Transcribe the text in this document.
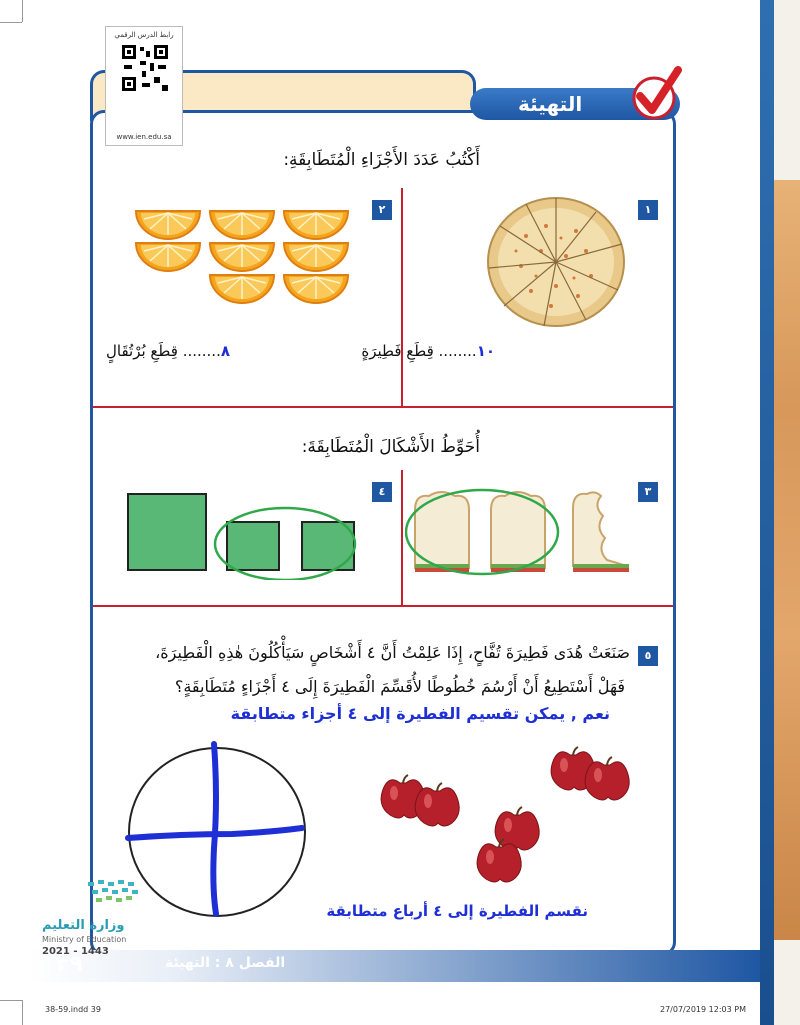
رابط الدرس الرقمي
www.ien.edu.sa
التهيئة
أَكْتُبُ عَدَدَ الأَجْزَاءِ الْمُتَطَابِقَةِ:
١
٢
١٠........ قِطَعِ فَطِيرَةٍ
٨........ قِطَعِ بُرْتُقَالٍ
أُحَوِّطُ الأَشْكَالَ الْمُتَطَابِقَةَ:
٣
٤
٥
صَنَعَتْ هُدَى فَطِيرَةَ تُفَّاحٍ، إِذَا عَلِمْتُ أَنَّ ٤ أَشْخَاصٍ سَيَأْكُلُونَ هٰذِهِ الْفَطِيرَةَ،
فَهَلْ أَسْتَطِيعُ أَنْ أَرْسُمَ خُطُوطًا لأُقَسِّمَ الْفَطِيرَةَ إِلَى ٤ أَجْزَاءٍ مُتَطَابِقَةٍ؟
نعم , يمكن تقسيم الفطيرة إلى ٤ أجزاء متطابقة
نقسم الفطيرة إلى ٤ أرباع متطابقة
الفصل ٨ : التهيئة
٣٩
وزارة التعليم
Ministry of Education
2021 - 1443
38-59.indd 39	27/07/2019 12:03 PM
